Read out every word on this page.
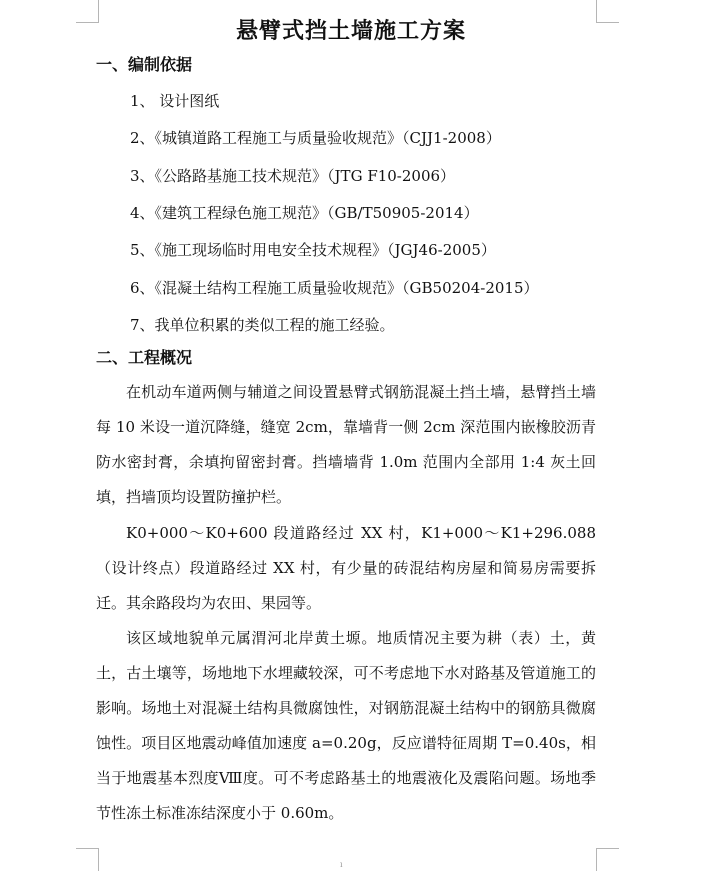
悬臂式挡土墙施工方案
一、编制依据
1、 设计图纸
2、《城镇道路工程施工与质量验收规范》（CJJ1-2008）
3、《公路路基施工技术规范》（JTG F10-2006）
4、《建筑工程绿色施工规范》（GB/T50905-2014）
5、《施工现场临时用电安全技术规程》（JGJ46-2005）
6、《混凝土结构工程施工质量验收规范》（GB50204-2015）
7、我单位积累的类似工程的施工经验。
二、工程概况

在机动车道两侧与辅道之间设置悬臂式钢筋混凝土挡土墙，悬臂挡土墙每 10 米设一道沉降缝，缝宽 2cm，靠墙背一侧 2cm 深范围内嵌橡胶沥青防水密封膏，余填拘留密封膏。挡墙墙背 1.0m 范围内全部用 1:4 灰土回填，挡墙顶均设置防撞护栏。

K0+000～K0+600 段道路经过 XX 村，K1+000～K1+296.088（设计终点）段道路经过 XX 村，有少量的砖混结构房屋和简易房需要拆迁。其余路段均为农田、果园等。

该区域地貌单元属渭河北岸黄土塬。地质情况主要为耕（表）土，黄土，古土壤等，场地地下水埋藏较深，可不考虑地下水对路基及管道施工的影响。场地土对混凝土结构具微腐蚀性，对钢筋混凝土结构中的钢筋具微腐蚀性。项目区地震动峰值加速度 a=0.20g，反应谱特征周期 T=0.40s，相当于地震基本烈度Ⅷ度。可不考虑路基土的地震液化及震陷问题。场地季节性冻土标准冻结深度小于 0.60m。

ı
